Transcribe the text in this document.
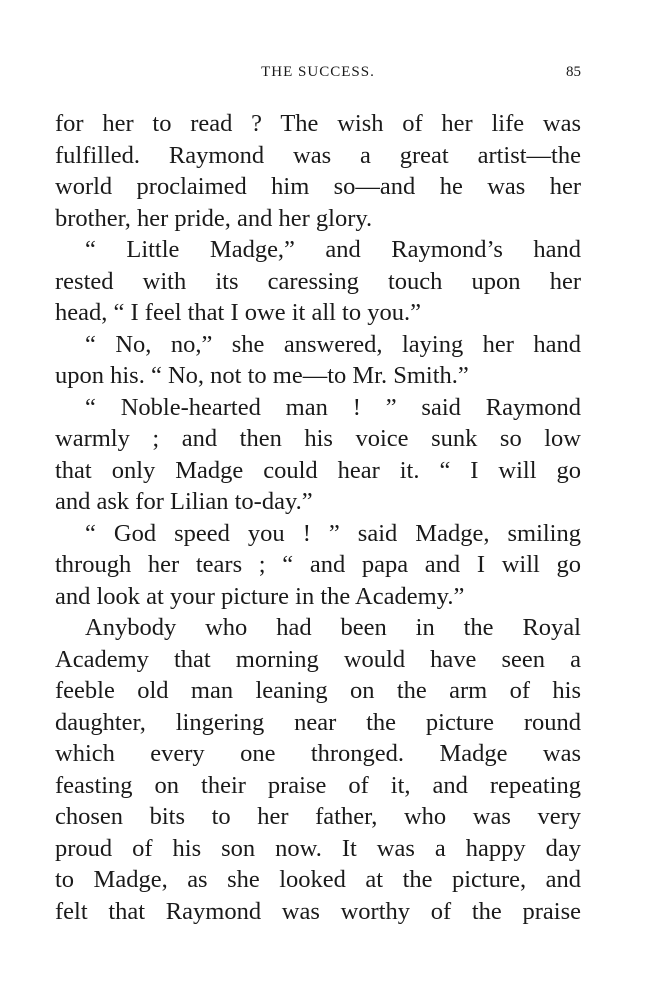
THE SUCCESS.	85
for her to read ? The wish of her life was
fulfilled. Raymond was a great artist—the
world proclaimed him so—and he was her
brother, her pride, and her glory.
“ Little Madge,” and Raymond’s hand
rested with its caressing touch upon her
head, “ I feel that I owe it all to you.”
“ No, no,” she answered, laying her hand
upon his. “ No, not to me—to Mr. Smith.”
“ Noble-hearted man ! ” said Raymond
warmly ; and then his voice sunk so low
that only Madge could hear it. “ I will go
and ask for Lilian to-day.”
“ God speed you ! ” said Madge, smiling
through her tears ; “ and papa and I will go
and look at your picture in the Academy.”
Anybody who had been in the Royal
Academy that morning would have seen a
feeble old man leaning on the arm of his
daughter, lingering near the picture round
which every one thronged. Madge was
feasting on their praise of it, and repeating
chosen bits to her father, who was very
proud of his son now. It was a happy day
to Madge, as she looked at the picture, and
felt that Raymond was worthy of the praise
